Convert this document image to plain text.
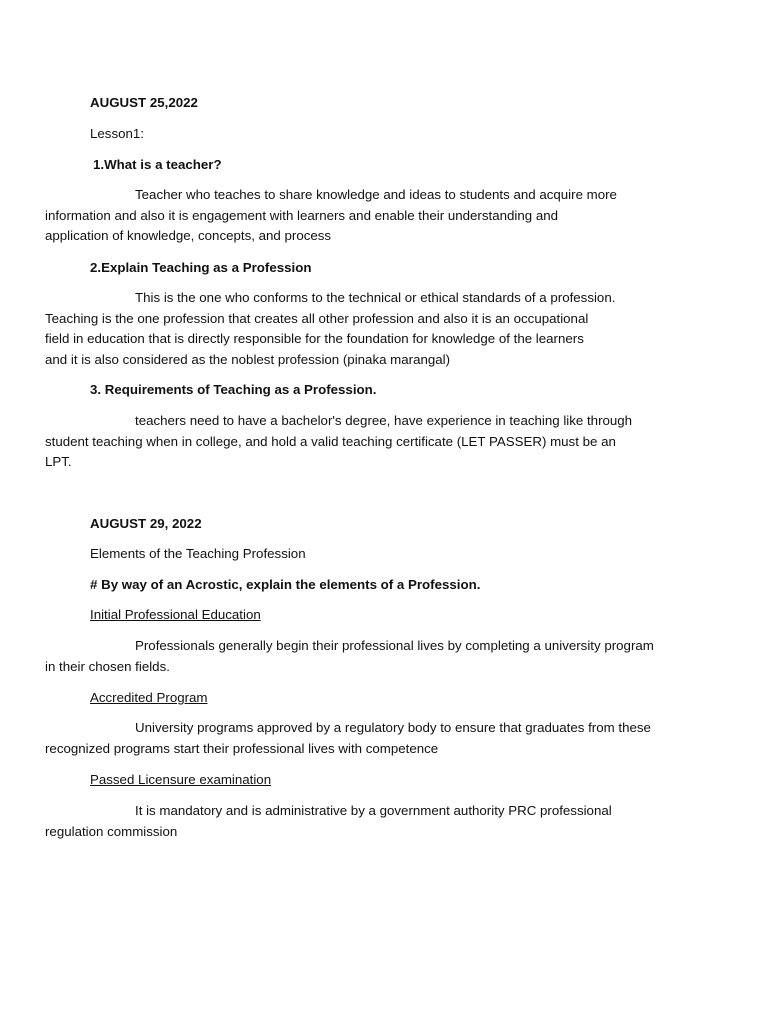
AUGUST 25,2022
Lesson1:
1.What is a teacher?
Teacher who teaches to share knowledge and ideas to students and acquire more
information and also it is engagement with learners and enable their understanding and
application of knowledge, concepts, and process
2.Explain Teaching as a Profession
This is the one who conforms to the technical or ethical standards of a profession.
Teaching is the one profession that creates all other profession and also it is an occupational
field in education that is directly responsible for the foundation for knowledge of the learners
and it is also considered as the noblest profession (pinaka marangal)
3. Requirements of Teaching as a Profession.
teachers need to have a bachelor's degree, have experience in teaching like through
student teaching when in college, and hold a valid teaching certificate (LET PASSER) must be an
LPT.
AUGUST 29, 2022
Elements of the Teaching Profession
# By way of an Acrostic, explain the elements of a Profession.
Initial Professional Education
Professionals generally begin their professional lives by completing a university program
in their chosen fields.
Accredited Program
University programs approved by a regulatory body to ensure that graduates from these
recognized programs start their professional lives with competence
Passed Licensure examination
It is mandatory and is administrative by a government authority PRC professional
regulation commission
